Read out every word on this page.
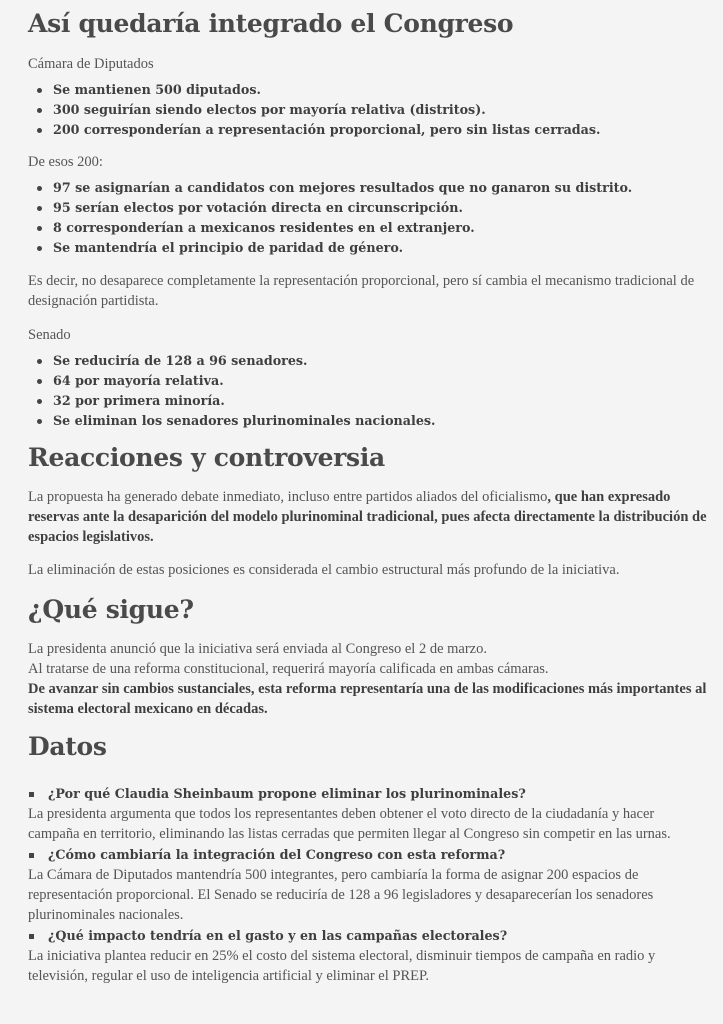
Así quedaría integrado el Congreso

Cámara de Diputados

Se mantienen 500 diputados.
300 seguirían siendo electos por mayoría relativa (distritos).
200 corresponderían a representación proporcional, pero sin listas cerradas.

De esos 200:

97 se asignarían a candidatos con mejores resultados que no ganaron su distrito.
95 serían electos por votación directa en circunscripción.
8 corresponderían a mexicanos residentes en el extranjero.
Se mantendría el principio de paridad de género.

Es decir, no desaparece completamente la representación proporcional, pero sí cambia el mecanismo tradicional de designación partidista.

Senado

Se reduciría de 128 a 96 senadores.
64 por mayoría relativa.
32 por primera minoría.
Se eliminan los senadores plurinominales nacionales.
Reacciones y controversia

La propuesta ha generado debate inmediato, incluso entre partidos aliados del oficialismo, que han expresado reservas ante la desaparición del modelo plurinominal tradicional, pues afecta directamente la distribución de espacios legislativos.

La eliminación de estas posiciones es considerada el cambio estructural más profundo de la iniciativa.

¿Qué sigue?

La presidenta anunció que la iniciativa será enviada al Congreso el 2 de marzo.

Al tratarse de una reforma constitucional, requerirá mayoría calificada en ambas cámaras.

De avanzar sin cambios sustanciales, esta reforma representaría una de las modificaciones más importantes al sistema electoral mexicano en décadas.

Datos
¿Por qué Claudia Sheinbaum propone eliminar los plurinominales?

La presidenta argumenta que todos los representantes deben obtener el voto directo de la ciudadanía y hacer campaña en territorio, eliminando las listas cerradas que permiten llegar al Congreso sin competir en las urnas.

¿Cómo cambiaría la integración del Congreso con esta reforma?

La Cámara de Diputados mantendría 500 integrantes, pero cambiaría la forma de asignar 200 espacios de representación proporcional. El Senado se reduciría de 128 a 96 legisladores y desaparecerían los senadores plurinominales nacionales.

¿Qué impacto tendría en el gasto y en las campañas electorales?

La iniciativa plantea reducir en 25% el costo del sistema electoral, disminuir tiempos de campaña en radio y televisión, regular el uso de inteligencia artificial y eliminar el PREP.
